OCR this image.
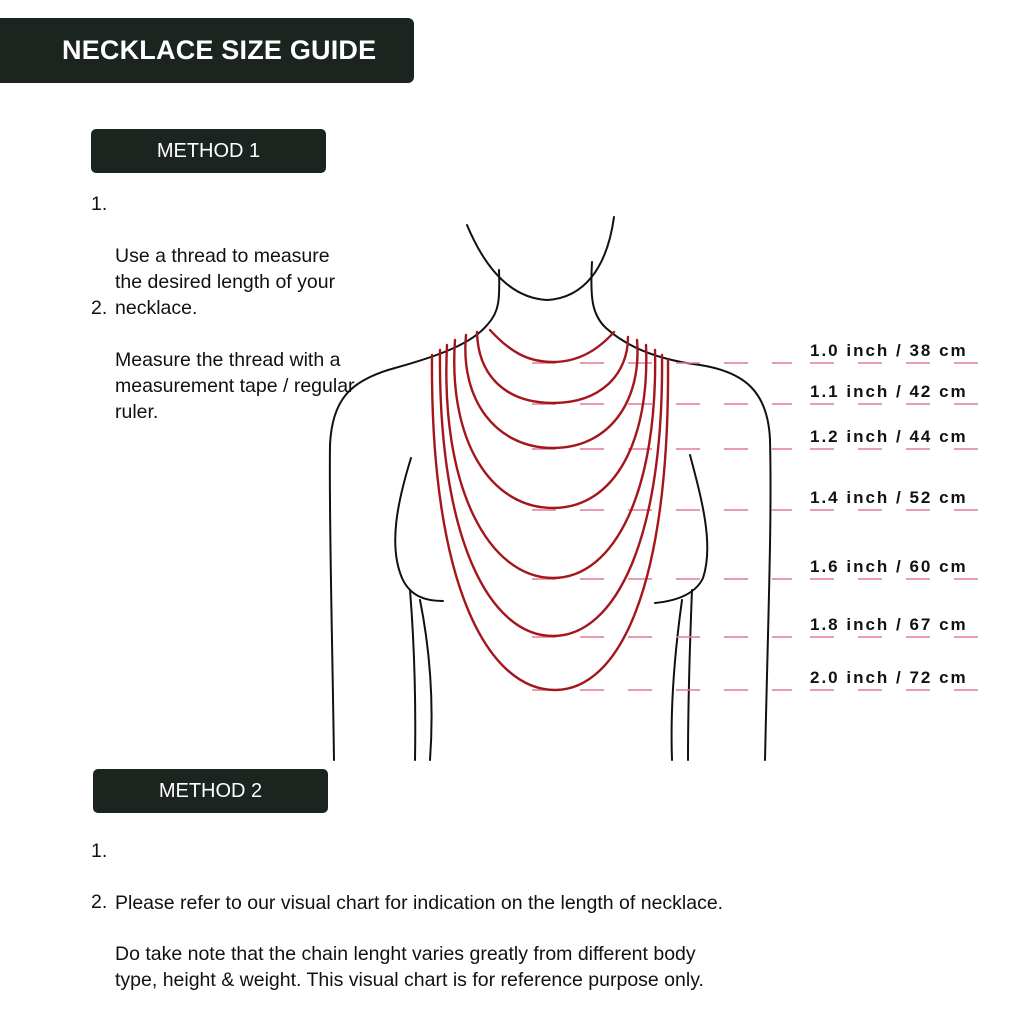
NECKLACE SIZE GUIDE
METHOD 1

1.

Use a thread to measure
the desired length of your
necklace.

2.

Measure the thread with a
measurement tape / regular
ruler.

1.0 inch / 38 cm
1.1 inch / 42 cm
1.2 inch / 44 cm
1.4 inch / 52 cm
1.6 inch / 60 cm
1.8 inch / 67 cm
2.0 inch / 72 cm
METHOD 2

1.

Please refer to our visual chart for indication on the length of necklace.

2.

Do take note that the chain lenght varies greatly from different body
type, height & weight. This visual chart is for reference purpose only.
